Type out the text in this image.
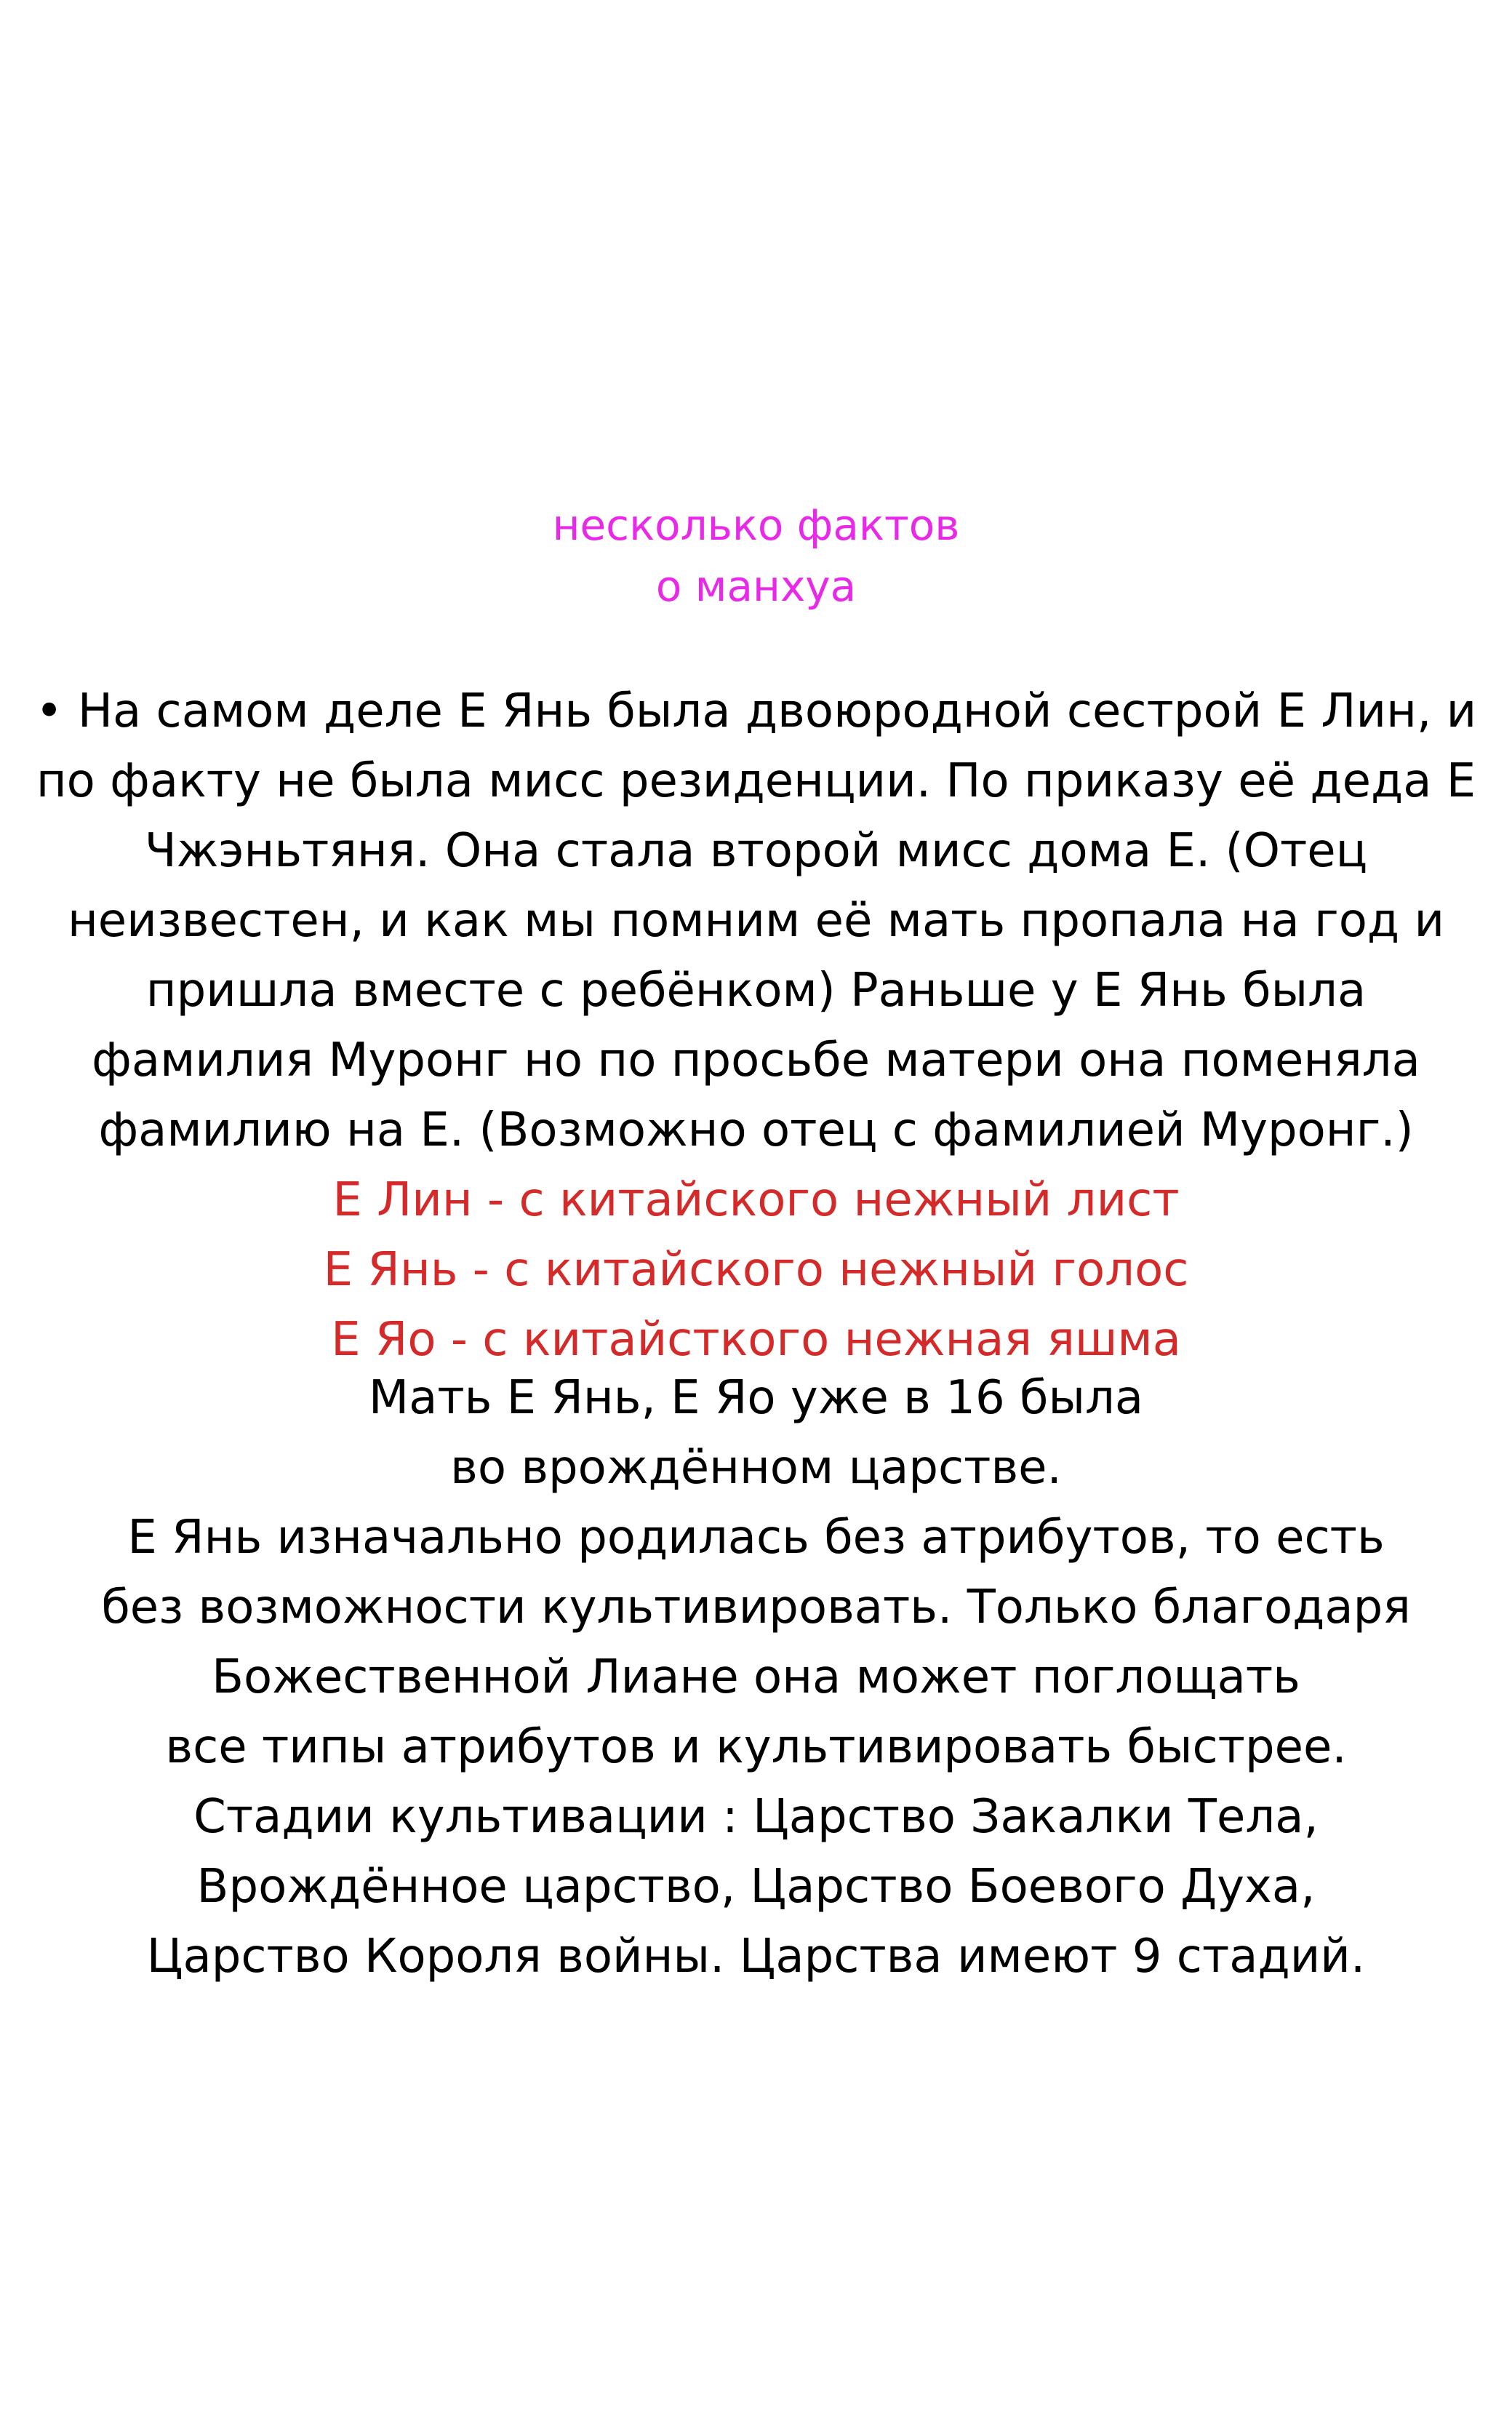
несколько фактов
о манхуа
• На самом деле Е Янь была двоюродной сестрой Е Лин, и
по факту не была мисс резиденции. По приказу её деда Е
Чжэньтяня. Она стала второй мисс дома Е. (Отец
неизвестен, и как мы помним её мать пропала на год и
пришла вместе с ребёнком) Раньше у Е Янь была
фамилия Муронг но по просьбе матери она поменяла
фамилию на Е. (Возможно отец с фамилией Муронг.)
Е Лин - с китайского нежный лист
Е Янь - с китайского нежный голос
Е Яо - с китайсткого нежная яшма
Мать Е Янь, Е Яо уже в 16 была
во врождённом царстве.
Е Янь изначально родилась без атрибутов, то есть
без возможности культивировать. Только благодаря
Божественной Лиане она может поглощать
все типы атрибутов и культивировать быстрее.
Стадии культивации : Царство Закалки Тела,
Врождённое царство, Царство Боевого Духа,
Царство Короля войны. Царства имеют 9 стадий.
